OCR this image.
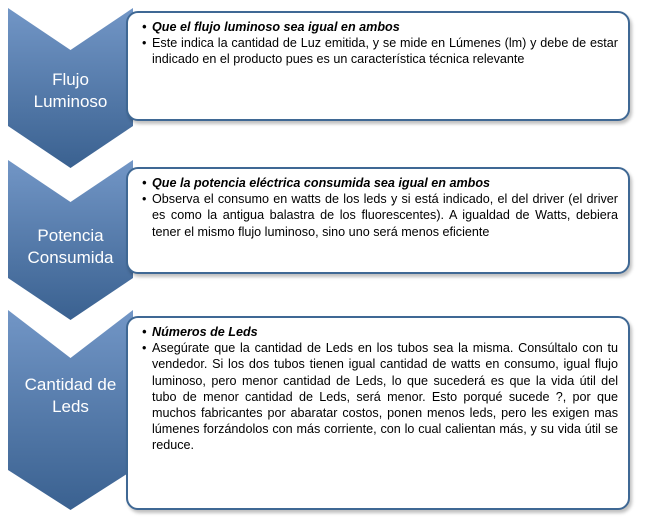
Flujo
Luminoso
• Que el flujo luminoso sea igual en ambos
• Este indica la cantidad de Luz emitida, y se mide en Lúmenes (lm) y debe de estar indicado en el producto pues es un característica técnica relevante
Potencia
Consumida
• Que la potencia eléctrica consumida sea igual en ambos
• Observa el consumo en watts de los leds y si está indicado, el del driver (el driver es como la antigua balastra de los fluorescentes). A igualdad de Watts, debiera tener el mismo flujo luminoso, sino uno será menos eficiente
Cantidad de
Leds
• Números de Leds
• Asegúrate que la cantidad de Leds en los tubos sea la misma. Consúltalo con tu vendedor. Si los dos tubos tienen igual cantidad de watts en consumo, igual flujo luminoso, pero menor cantidad de Leds, lo que sucederá es que la vida útil del tubo de menor cantidad de Leds, será menor. Esto porqué sucede ?, por que muchos fabricantes por abaratar costos, ponen menos leds, pero les exigen mas lúmenes forzándolos con más corriente, con lo cual calientan más, y su vida útil se reduce.
